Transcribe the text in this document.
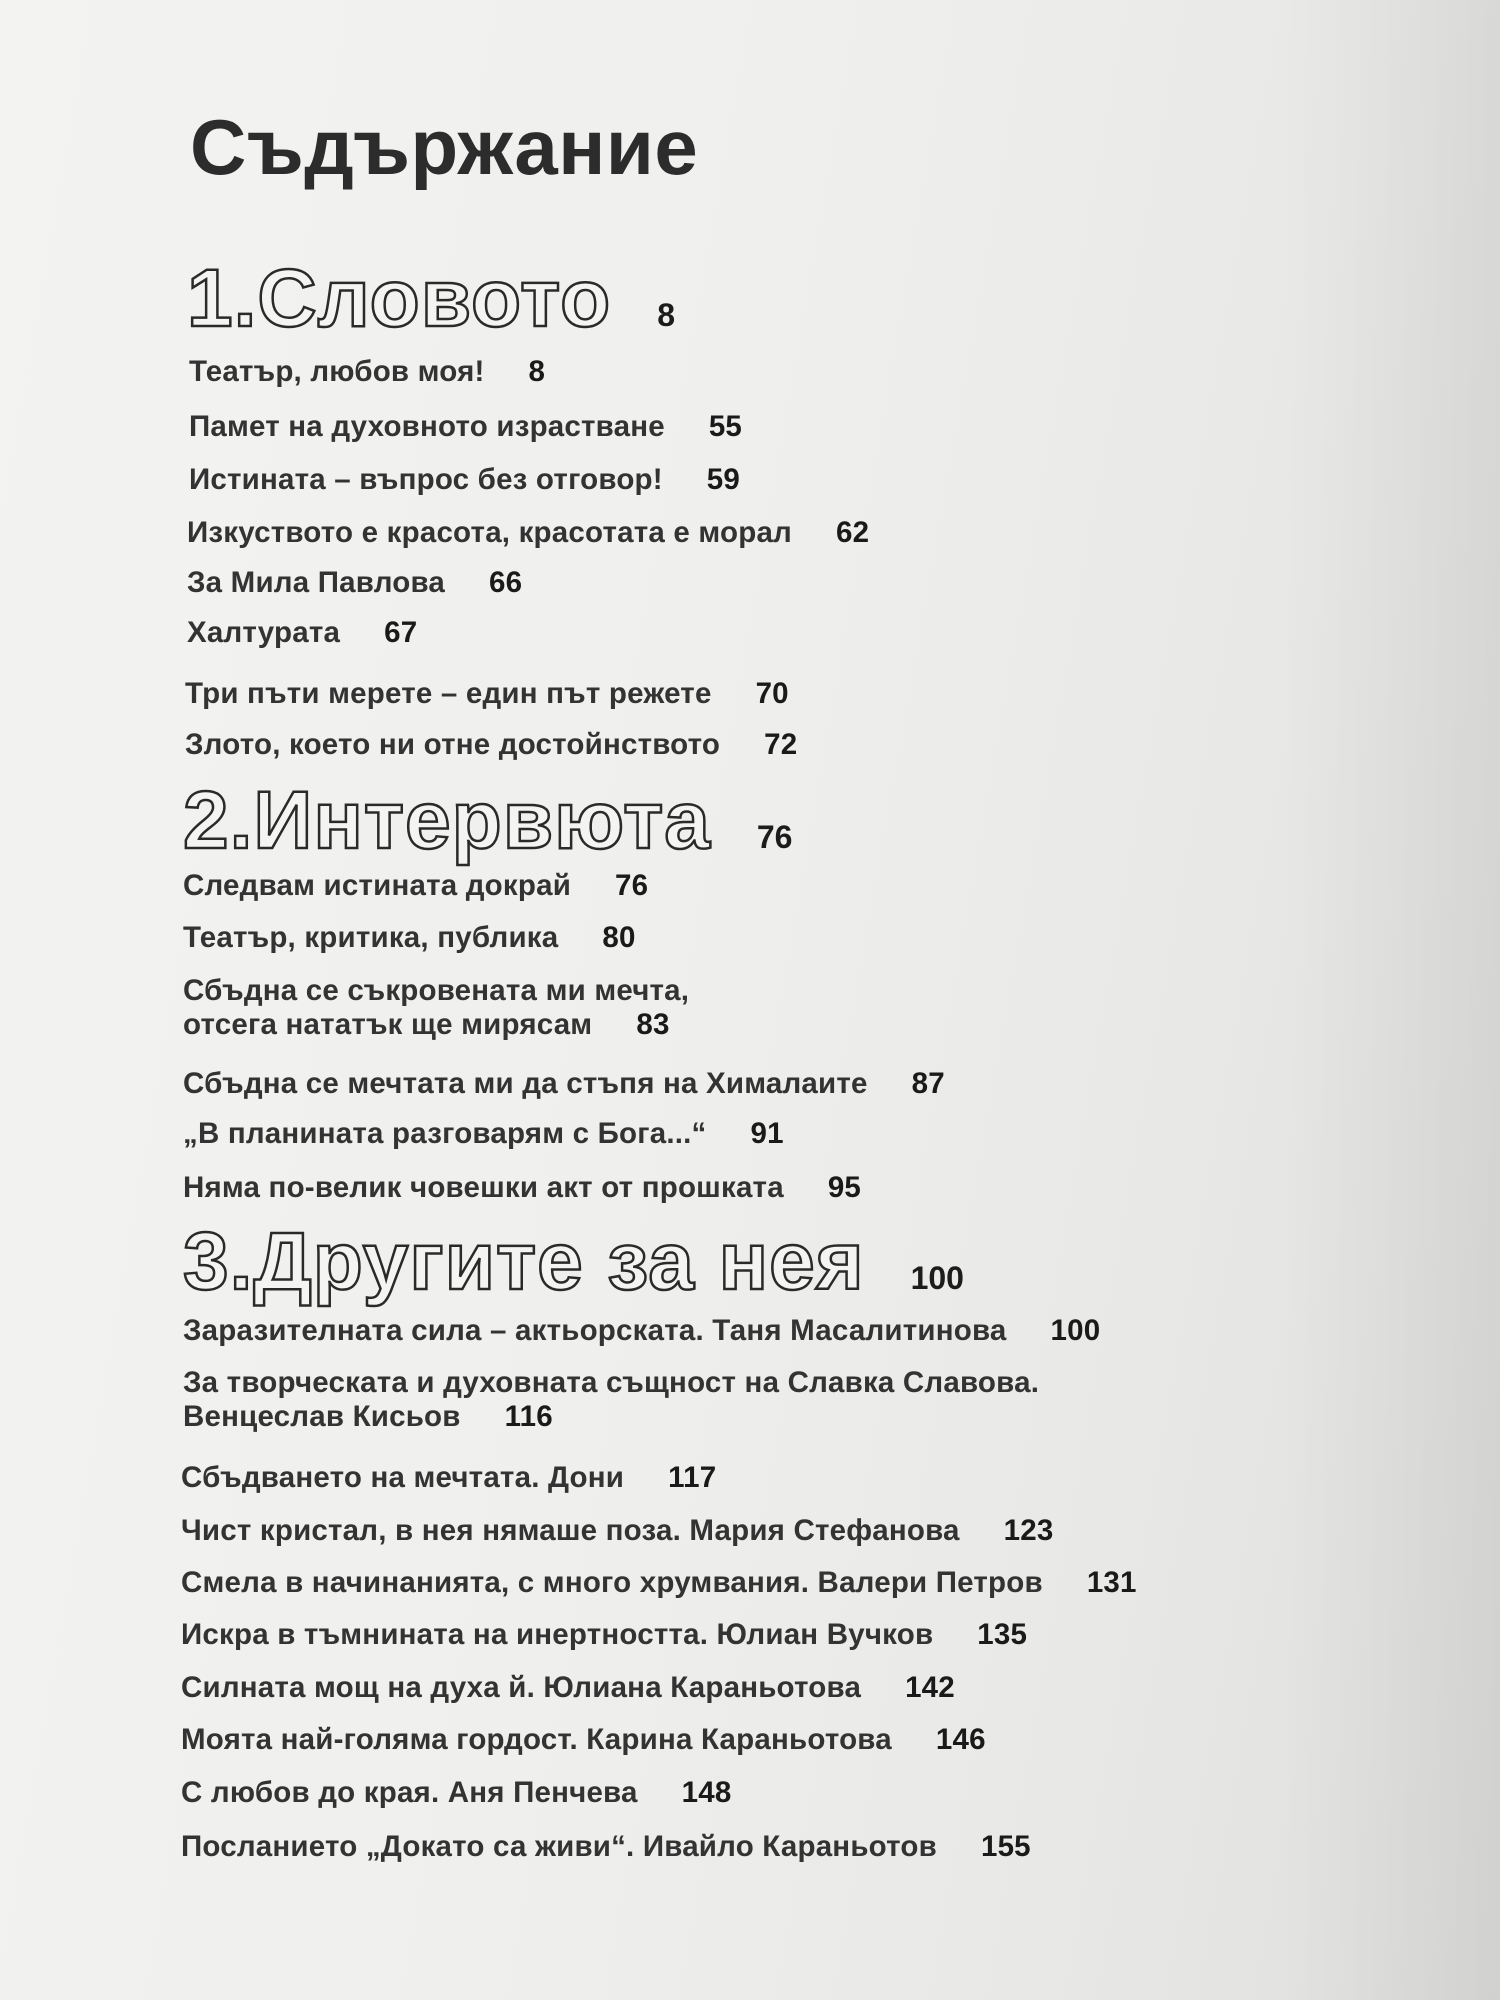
Съдържание
1.Словото 8
Театър, любов моя! 8
Памет на духовното израстване 55
Истината – въпрос без отговор! 59
Изкуството е красота, красотата е морал 62
За Мила Павлова 66
Халтурата 67
Три пъти мерете – един път режете 70
Злото, което ни отне достойнството 72
2.Интервюта 76
Следвам истината докрай 76
Театър, критика, публика 80
Сбъдна се съкровената ми мечта,
отсега нататък ще мирясам 83
Сбъдна се мечтата ми да стъпя на Хималаите 87
„В планината разговарям с Бога...“ 91
Няма по-велик човешки акт от прошката 95
3.Другите за нея 100
Заразителната сила – актьорската. Таня Масалитинова 100
За творческата и духовната същност на Славка Славова.
Венцеслав Кисьов 116
Сбъдването на мечтата. Дони 117
Чист кристал, в нея нямаше поза. Мария Стефанова 123
Смела в начинанията, с много хрумвания. Валери Петров 131
Искра в тъмнината на инертността. Юлиан Вучков 135
Силната мощ на духа й. Юлиана Караньотова 142
Моята най-голяма гордост. Карина Караньотова 146
С любов до края. Аня Пенчева 148
Посланието „Докато са живи“. Ивайло Караньотов 155
